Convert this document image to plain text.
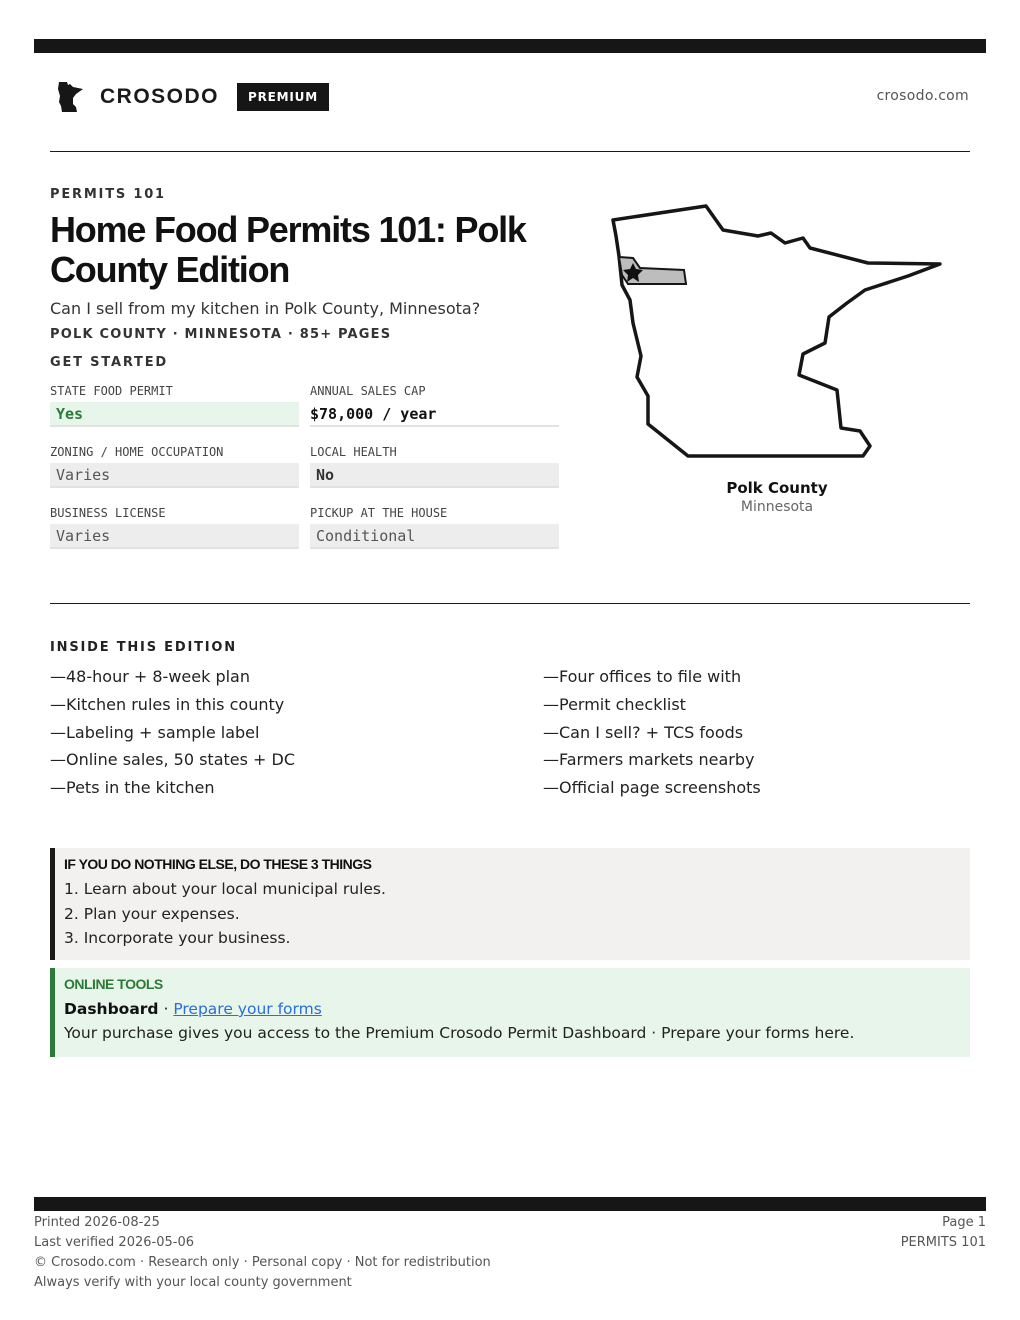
CROSODO	PREMIUM	crosodo.com
PERMITS 101
Home Food Permits 101: Polk County Edition
Can I sell from my kitchen in Polk County, Minnesota?
POLK COUNTY · MINNESOTA · 85+ PAGES
GET STARTED
STATE FOOD PERMIT
Yes
ANNUAL SALES CAP
$78,000 / year
ZONING / HOME OCCUPATION
Varies
LOCAL HEALTH
No
BUSINESS LICENSE
Varies
PICKUP AT THE HOUSE
Conditional
Polk County
Minnesota
INSIDE THIS EDITION
—48-hour + 8-week plan
—Kitchen rules in this county
—Labeling + sample label
—Online sales, 50 states + DC
—Pets in the kitchen
—Four offices to file with
—Permit checklist
—Can I sell? + TCS foods
—Farmers markets nearby
—Official page screenshots
IF YOU DO NOTHING ELSE, DO THESE 3 THINGS
1. Learn about your local municipal rules.
2. Plan your expenses.
3. Incorporate your business.
ONLINE TOOLS
Dashboard · Prepare your forms
Your purchase gives you access to the Premium Crosodo Permit Dashboard · Prepare your forms here.
Printed 2026-08-25
Last verified 2026-05-06
© Crosodo.com · Research only · Personal copy · Not for redistribution
Always verify with your local county government
Page 1
PERMITS 101
